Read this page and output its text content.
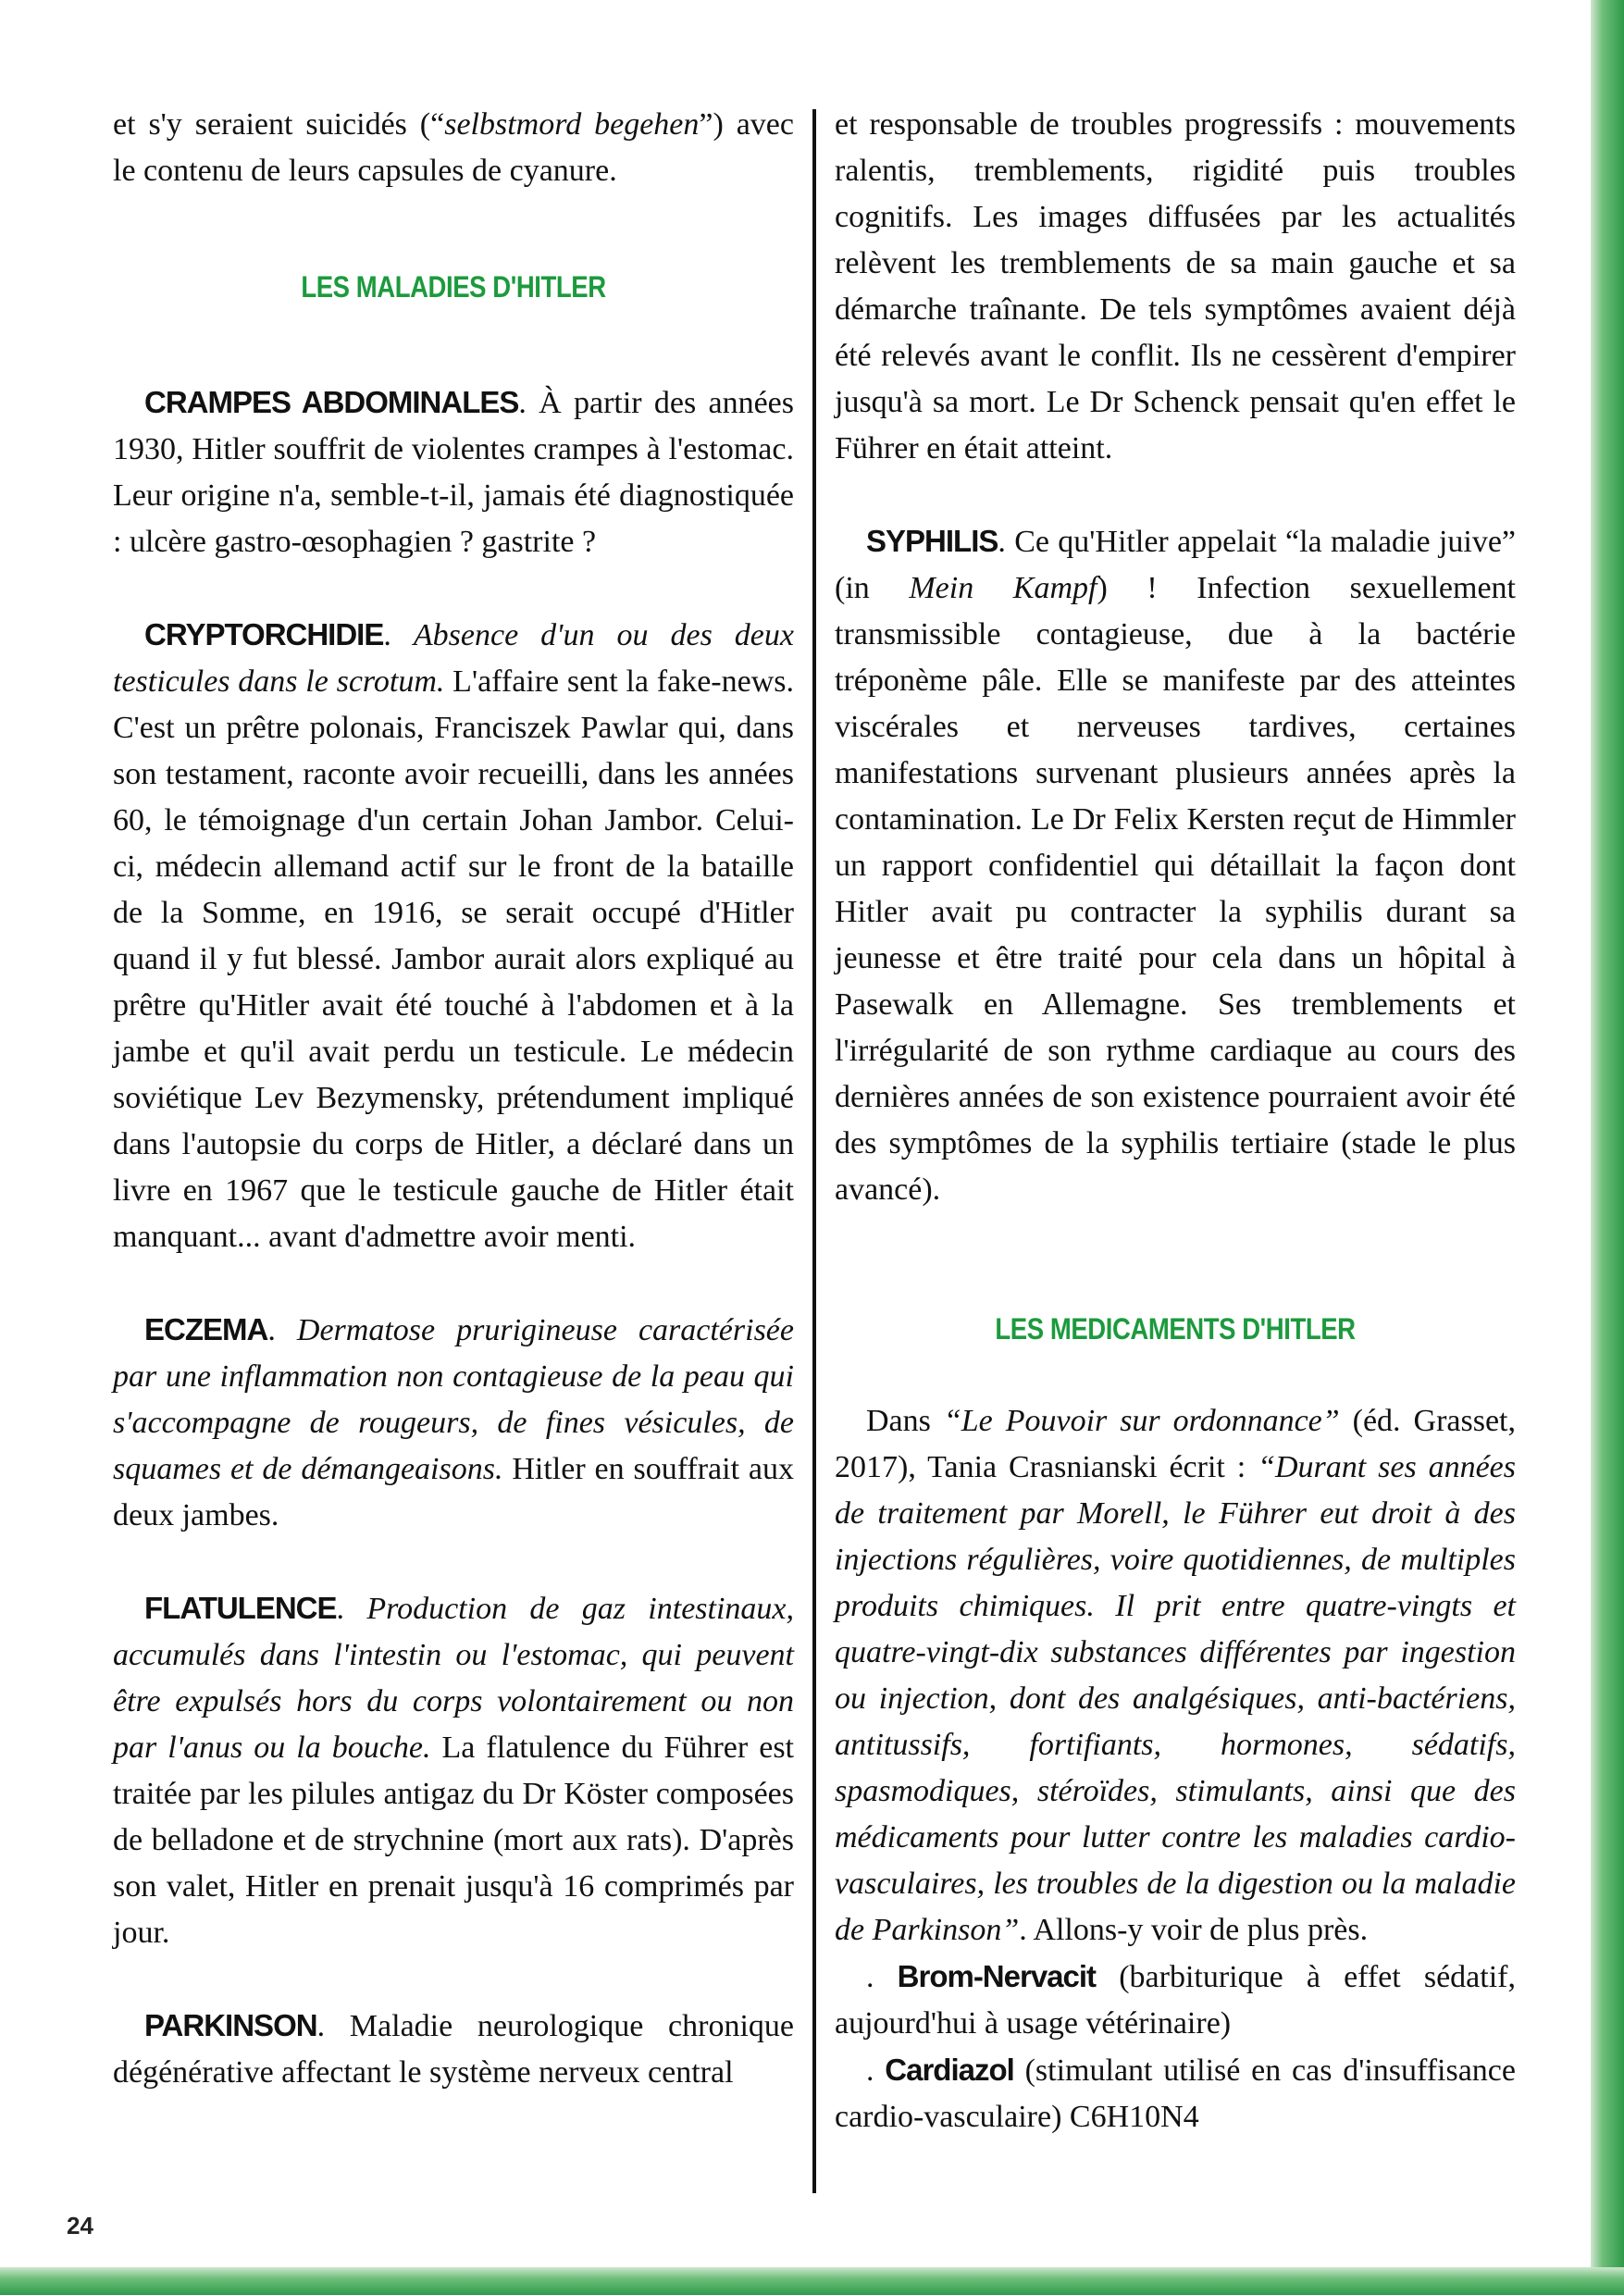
et s'y seraient suicidés (“selbstmord begehen”) avec le contenu de leurs capsules de cyanure.

LES MALADIES D'HITLER

CRAMPES ABDOMINALES. À partir des années 1930, Hitler souffrit de violentes crampes à l'estomac. Leur origine n'a, semble-t-il, jamais été diagnostiquée : ulcère gastro-œsophagien ? gastrite ?

CRYPTORCHIDIE. Absence d'un ou des deux testicules dans le scrotum. L'affaire sent la fake-news. C'est un prêtre polonais, Franciszek Pawlar qui, dans son testament, raconte avoir recueilli, dans les années 60, le témoignage d'un certain Johan Jambor. Celui-ci, médecin allemand actif sur le front de la bataille de la Somme, en 1916, se serait occupé d'Hitler quand il y fut blessé. Jambor aurait alors expliqué au prêtre qu'Hitler avait été touché à l'abdomen et à la jambe et qu'il avait perdu un testicule. Le médecin soviétique Lev Bezymensky, prétendument impliqué dans l'autopsie du corps de Hitler, a déclaré dans un livre en 1967 que le testicule gauche de Hitler était manquant... avant d'admettre avoir menti.

ECZEMA. Dermatose prurigineuse caractérisée par une inflammation non contagieuse de la peau qui s'accompagne de rougeurs, de fines vésicules, de squames et de démangeaisons. Hitler en souffrait aux deux jambes.

FLATULENCE. Production de gaz intestinaux, accumulés dans l'intestin ou l'estomac, qui peuvent être expulsés hors du corps volontairement ou non par l'anus ou la bouche. La flatulence du Führer est traitée par les pilules antigaz du Dr Köster composées de belladone et de strychnine (mort aux rats). D'après son valet, Hitler en prenait jusqu'à 16 comprimés par jour.

PARKINSON. Maladie neurologique chronique dégénérative affectant le système nerveux central

et responsable de troubles progressifs : mouvements ralentis, tremblements, rigidité puis troubles cognitifs. Les images diffusées par les actualités relèvent les tremblements de sa main gauche et sa démarche traînante. De tels symptômes avaient déjà été relevés avant le conflit. Ils ne cessèrent d'empirer jusqu'à sa mort. Le Dr Schenck pensait qu'en effet le Führer en était atteint.

SYPHILIS. Ce qu'Hitler appelait “la maladie juive” (in Mein Kampf) ! Infection sexuellement transmissible contagieuse, due à la bactérie tréponème pâle. Elle se manifeste par des atteintes viscérales et nerveuses tardives, certaines manifestations survenant plusieurs années après la contamination. Le Dr Felix Kersten reçut de Himmler un rapport confidentiel qui détaillait la façon dont Hitler avait pu contracter la syphilis durant sa jeunesse et être traité pour cela dans un hôpital à Pasewalk en Allemagne. Ses tremblements et l'irrégularité de son rythme cardiaque au cours des dernières années de son existence pourraient avoir été des symptômes de la syphilis tertiaire (stade le plus avancé).

LES MEDICAMENTS D'HITLER

Dans “Le Pouvoir sur ordonnance” (éd. Grasset, 2017), Tania Crasnianski écrit : “Durant ses années de traitement par Morell, le Führer eut droit à des injections régulières, voire quotidiennes, de multiples produits chimiques. Il prit entre quatre-vingts et quatre-vingt-dix substances différentes par ingestion ou injection, dont des analgésiques, anti-bactériens, antitussifs, fortifiants, hormones, sédatifs, spasmodiques, stéroïdes, stimulants, ainsi que des médicaments pour lutter contre les maladies cardio-vasculaires, les troubles de la digestion ou la maladie de Parkinson”. Allons-y voir de plus près.

. Brom-Nervacit (barbiturique à effet sédatif, aujourd'hui à usage vétérinaire)

. Cardiazol (stimulant utilisé en cas d'insuffisance cardio-vasculaire) C6H10N4

24
